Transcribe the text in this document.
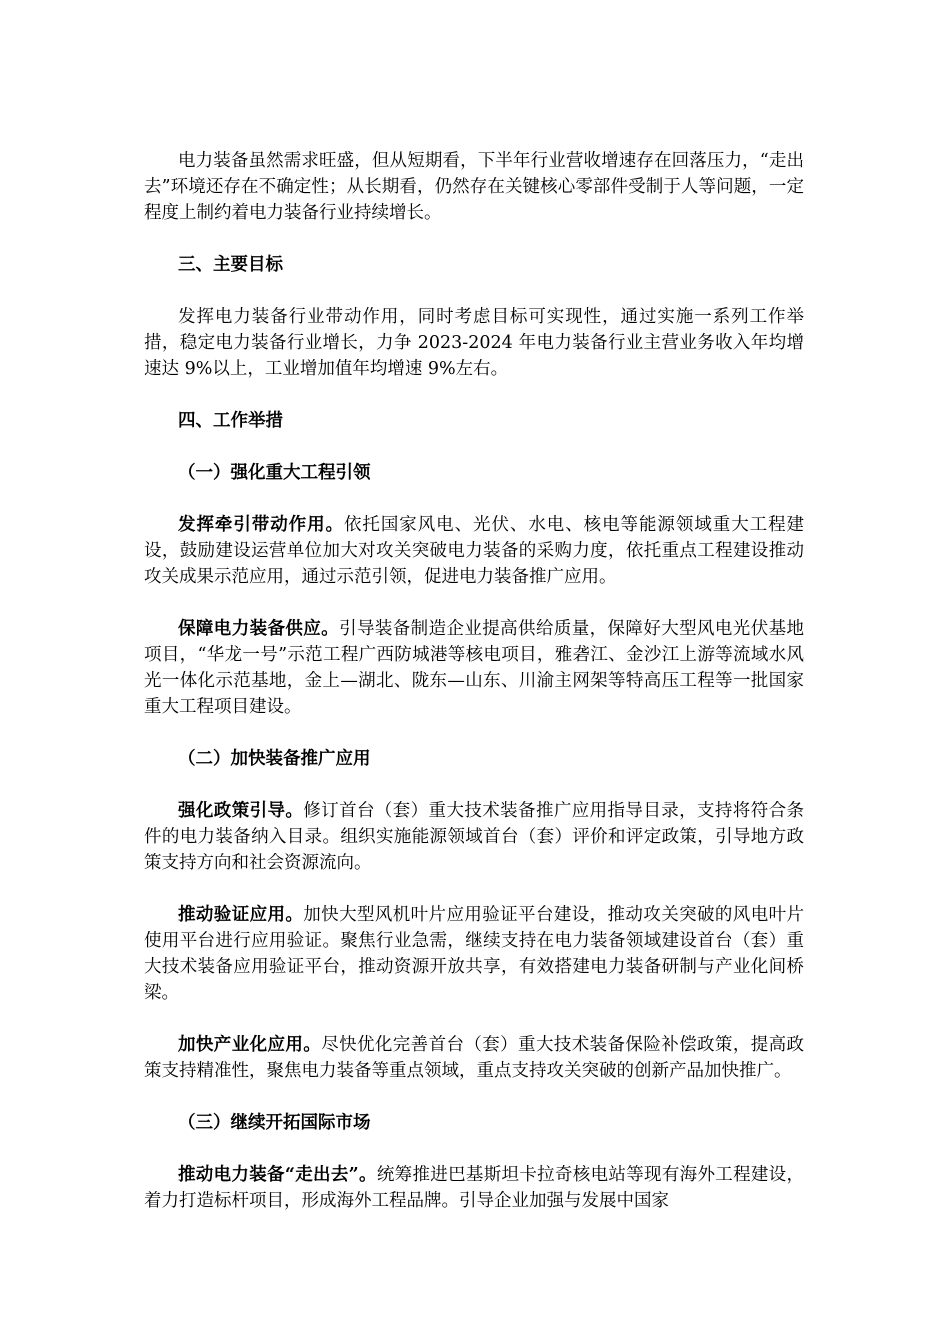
电力装备虽然需求旺盛，但从短期看，下半年行业营收增速存在回落压力，“走出去”环境还存在不确定性；从长期看，仍然存在关键核心零部件受制于人等问题，一定程度上制约着电力装备行业持续增长。

三、主要目标

发挥电力装备行业带动作用，同时考虑目标可实现性，通过实施一系列工作举措，稳定电力装备行业增长，力争 2023-2024 年电力装备行业主营业务收入年均增速达 9%以上，工业增加值年均增速 9%左右。

四、工作举措

（一）强化重大工程引领

发挥牵引带动作用。依托国家风电、光伏、水电、核电等能源领域重大工程建设，鼓励建设运营单位加大对攻关突破电力装备的采购力度，依托重点工程建设推动攻关成果示范应用，通过示范引领，促进电力装备推广应用。

保障电力装备供应。引导装备制造企业提高供给质量，保障好大型风电光伏基地项目，“华龙一号”示范工程广西防城港等核电项目，雅砻江、金沙江上游等流域水风光一体化示范基地，金上—湖北、陇东—山东、川渝主网架等特高压工程等一批国家重大工程项目建设。

（二）加快装备推广应用

强化政策引导。修订首台（套）重大技术装备推广应用指导目录，支持将符合条件的电力装备纳入目录。组织实施能源领域首台（套）评价和评定政策，引导地方政策支持方向和社会资源流向。

推动验证应用。加快大型风机叶片应用验证平台建设，推动攻关突破的风电叶片使用平台进行应用验证。聚焦行业急需，继续支持在电力装备领域建设首台（套）重大技术装备应用验证平台，推动资源开放共享，有效搭建电力装备研制与产业化间桥梁。

加快产业化应用。尽快优化完善首台（套）重大技术装备保险补偿政策，提高政策支持精准性，聚焦电力装备等重点领域，重点支持攻关突破的创新产品加快推广。

（三）继续开拓国际市场

推动电力装备“走出去”。统筹推进巴基斯坦卡拉奇核电站等现有海外工程建设，着力打造标杆项目，形成海外工程品牌。引导企业加强与发展中国家
